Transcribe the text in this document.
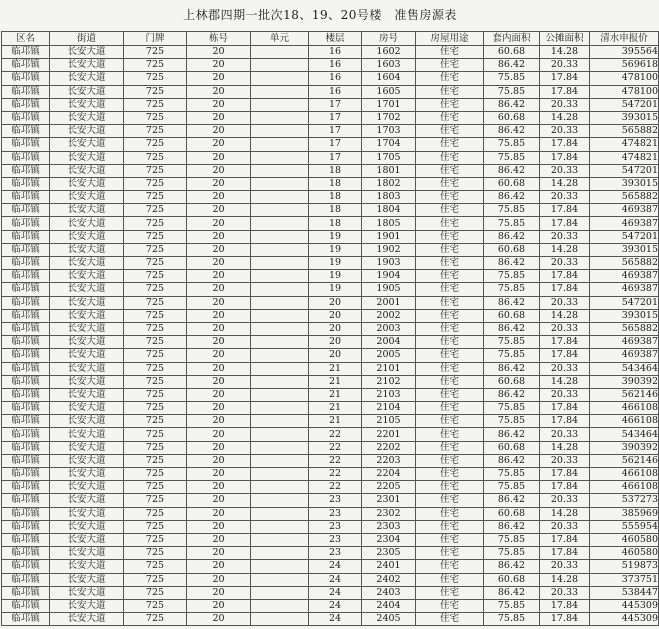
上林郡四期一批次18、19、20号楼　准售房源表
区名	街道	门牌	栋号	单元	楼层	房号	房屋用途	套内面积	公摊面积	清水申报价
临邛镇	长安大道	725	20		16	1602	住宅	60.68	14.28	395564
临邛镇	长安大道	725	20		16	1603	住宅	86.42	20.33	569618
临邛镇	长安大道	725	20		16	1604	住宅	75.85	17.84	478100
临邛镇	长安大道	725	20		16	1605	住宅	75.85	17.84	478100
临邛镇	长安大道	725	20		17	1701	住宅	86.42	20.33	547201
临邛镇	长安大道	725	20		17	1702	住宅	60.68	14.28	393015
临邛镇	长安大道	725	20		17	1703	住宅	86.42	20.33	565882
临邛镇	长安大道	725	20		17	1704	住宅	75.85	17.84	474821
临邛镇	长安大道	725	20		17	1705	住宅	75.85	17.84	474821
临邛镇	长安大道	725	20		18	1801	住宅	86.42	20.33	547201
临邛镇	长安大道	725	20		18	1802	住宅	60.68	14.28	393015
临邛镇	长安大道	725	20		18	1803	住宅	86.42	20.33	565882
临邛镇	长安大道	725	20		18	1804	住宅	75.85	17.84	469387
临邛镇	长安大道	725	20		18	1805	住宅	75.85	17.84	469387
临邛镇	长安大道	725	20		19	1901	住宅	86.42	20.33	547201
临邛镇	长安大道	725	20		19	1902	住宅	60.68	14.28	393015
临邛镇	长安大道	725	20		19	1903	住宅	86.42	20.33	565882
临邛镇	长安大道	725	20		19	1904	住宅	75.85	17.84	469387
临邛镇	长安大道	725	20		19	1905	住宅	75.85	17.84	469387
临邛镇	长安大道	725	20		20	2001	住宅	86.42	20.33	547201
临邛镇	长安大道	725	20		20	2002	住宅	60.68	14.28	393015
临邛镇	长安大道	725	20		20	2003	住宅	86.42	20.33	565882
临邛镇	长安大道	725	20		20	2004	住宅	75.85	17.84	469387
临邛镇	长安大道	725	20		20	2005	住宅	75.85	17.84	469387
临邛镇	长安大道	725	20		21	2101	住宅	86.42	20.33	543464
临邛镇	长安大道	725	20		21	2102	住宅	60.68	14.28	390392
临邛镇	长安大道	725	20		21	2103	住宅	86.42	20.33	562146
临邛镇	长安大道	725	20		21	2104	住宅	75.85	17.84	466108
临邛镇	长安大道	725	20		21	2105	住宅	75.85	17.84	466108
临邛镇	长安大道	725	20		22	2201	住宅	86.42	20.33	543464
临邛镇	长安大道	725	20		22	2202	住宅	60.68	14.28	390392
临邛镇	长安大道	725	20		22	2203	住宅	86.42	20.33	562146
临邛镇	长安大道	725	20		22	2204	住宅	75.85	17.84	466108
临邛镇	长安大道	725	20		22	2205	住宅	75.85	17.84	466108
临邛镇	长安大道	725	20		23	2301	住宅	86.42	20.33	537273
临邛镇	长安大道	725	20		23	2302	住宅	60.68	14.28	385969
临邛镇	长安大道	725	20		23	2303	住宅	86.42	20.33	555954
临邛镇	长安大道	725	20		23	2304	住宅	75.85	17.84	460580
临邛镇	长安大道	725	20		23	2305	住宅	75.85	17.84	460580
临邛镇	长安大道	725	20		24	2401	住宅	86.42	20.33	519873
临邛镇	长安大道	725	20		24	2402	住宅	60.68	14.28	373751
临邛镇	长安大道	725	20		24	2403	住宅	86.42	20.33	538447
临邛镇	长安大道	725	20		24	2404	住宅	75.85	17.84	445309
临邛镇	长安大道	725	20		24	2405	住宅	75.85	17.84	445309
